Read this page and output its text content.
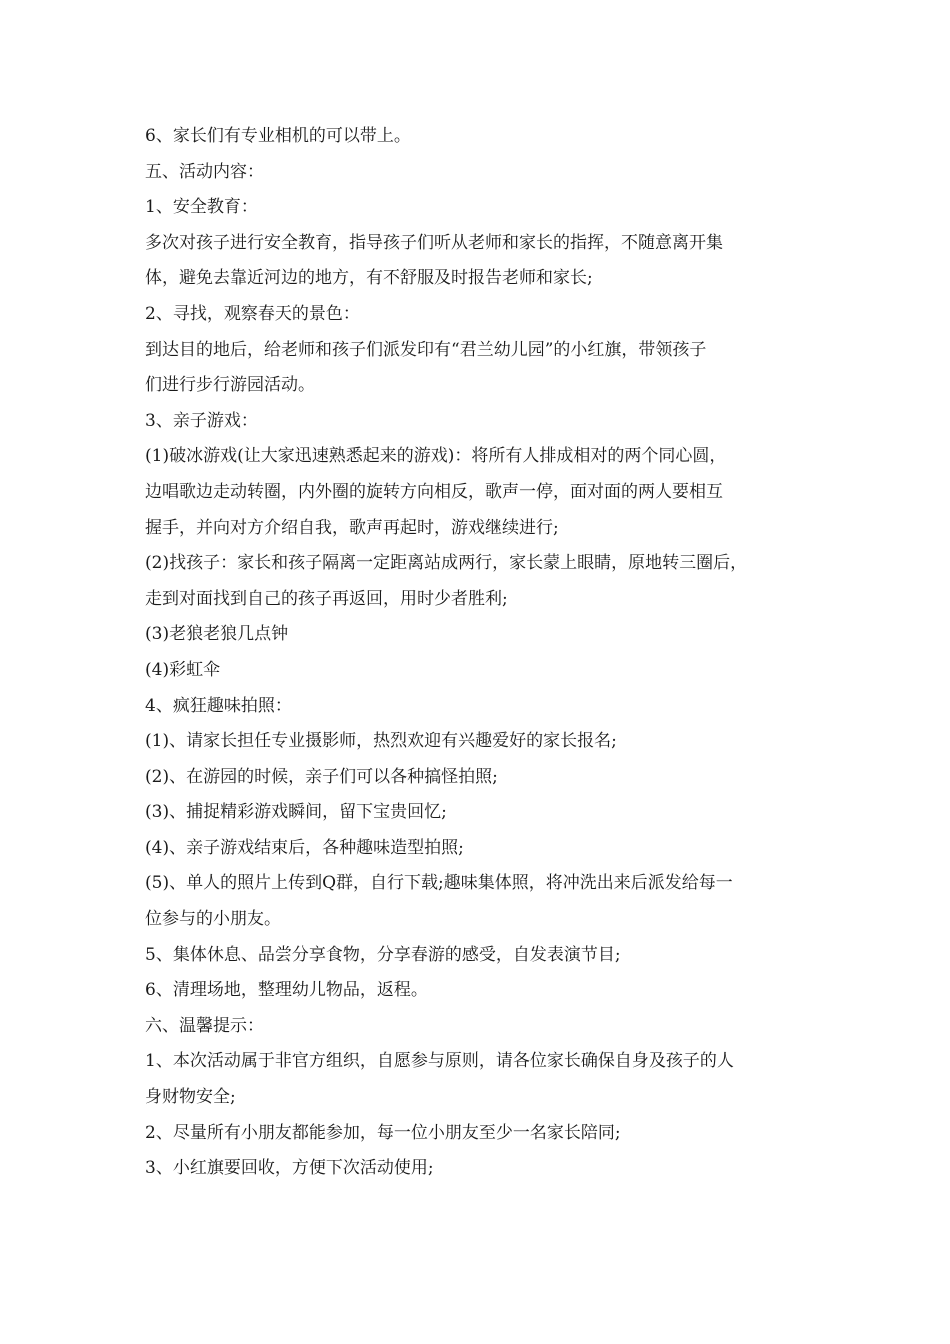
6、家长们有专业相机的可以带上。
五、活动内容：
1、安全教育：
多次对孩子进行安全教育，指导孩子们听从老师和家长的指挥，不随意离开集
体，避免去靠近河边的地方，有不舒服及时报告老师和家长;
2、寻找，观察春天的景色：
到达目的地后，给老师和孩子们派发印有“君兰幼儿园”的小红旗，带领孩子
们进行步行游园活动。
3、亲子游戏：
(1)破冰游戏(让大家迅速熟悉起来的游戏)：将所有人排成相对的两个同心圆，
边唱歌边走动转圈，内外圈的旋转方向相反，歌声一停，面对面的两人要相互
握手，并向对方介绍自我，歌声再起时，游戏继续进行;
(2)找孩子：家长和孩子隔离一定距离站成两行，家长蒙上眼睛，原地转三圈后，
走到对面找到自己的孩子再返回，用时少者胜利;
(3)老狼老狼几点钟
(4)彩虹伞
4、疯狂趣味拍照：
(1)、请家长担任专业摄影师，热烈欢迎有兴趣爱好的家长报名;
(2)、在游园的时候，亲子们可以各种搞怪拍照;
(3)、捕捉精彩游戏瞬间，留下宝贵回忆;
(4)、亲子游戏结束后，各种趣味造型拍照;
(5)、单人的照片上传到Q群，自行下载;趣味集体照，将冲洗出来后派发给每一
位参与的小朋友。
5、集体休息、品尝分享食物，分享春游的感受，自发表演节目;
6、清理场地，整理幼儿物品，返程。
六、温馨提示：
1、本次活动属于非官方组织，自愿参与原则，请各位家长确保自身及孩子的人
身财物安全;
2、尽量所有小朋友都能参加，每一位小朋友至少一名家长陪同;
3、小红旗要回收，方便下次活动使用;
